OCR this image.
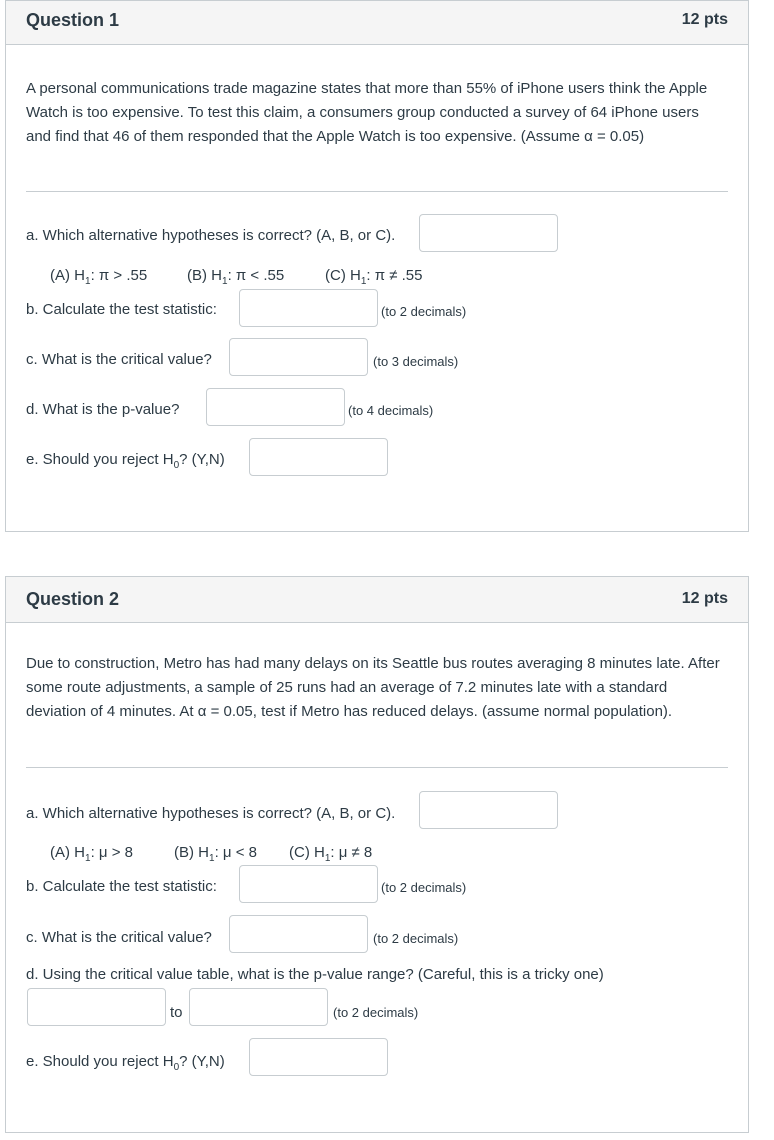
Question 1	12 pts
A personal communications trade magazine states that more than 55% of iPhone users think the Apple Watch is too expensive. To test this claim, a consumers group conducted a survey of 64 iPhone users and find that 46 of them responded that the Apple Watch is too expensive. (Assume α = 0.05)
a. Which alternative hypotheses is correct? (A, B, or C).
(A) $H_1$: π > .55	(B) $H_1$: π < .55	(C) $H_1$: π ≠ .55
b. Calculate the test statistic:	(to 2 decimals)
c. What is the critical value?	(to 3 decimals)
d. What is the p-value?	(to 4 decimals)
e. Should you reject $H_0$? (Y,N)
Question 2	12 pts
Due to construction, Metro has had many delays on its Seattle bus routes averaging 8 minutes late. After some route adjustments, a sample of 25 runs had an average of 7.2 minutes late with a standard deviation of 4 minutes. At α = 0.05, test if Metro has reduced delays. (assume normal population).
a. Which alternative hypotheses is correct? (A, B, or C).
(A) $H_1$: μ > 8	(B) $H_1$: μ < 8 (C) $H_1$: μ ≠ 8
b. Calculate the test statistic:	(to 2 decimals)
c. What is the critical value?	(to 2 decimals)
d. Using the critical value table, what is the p-value range? (Careful, this is a tricky one)
to	(to 2 decimals)
e. Should you reject $H_0$? (Y,N)
